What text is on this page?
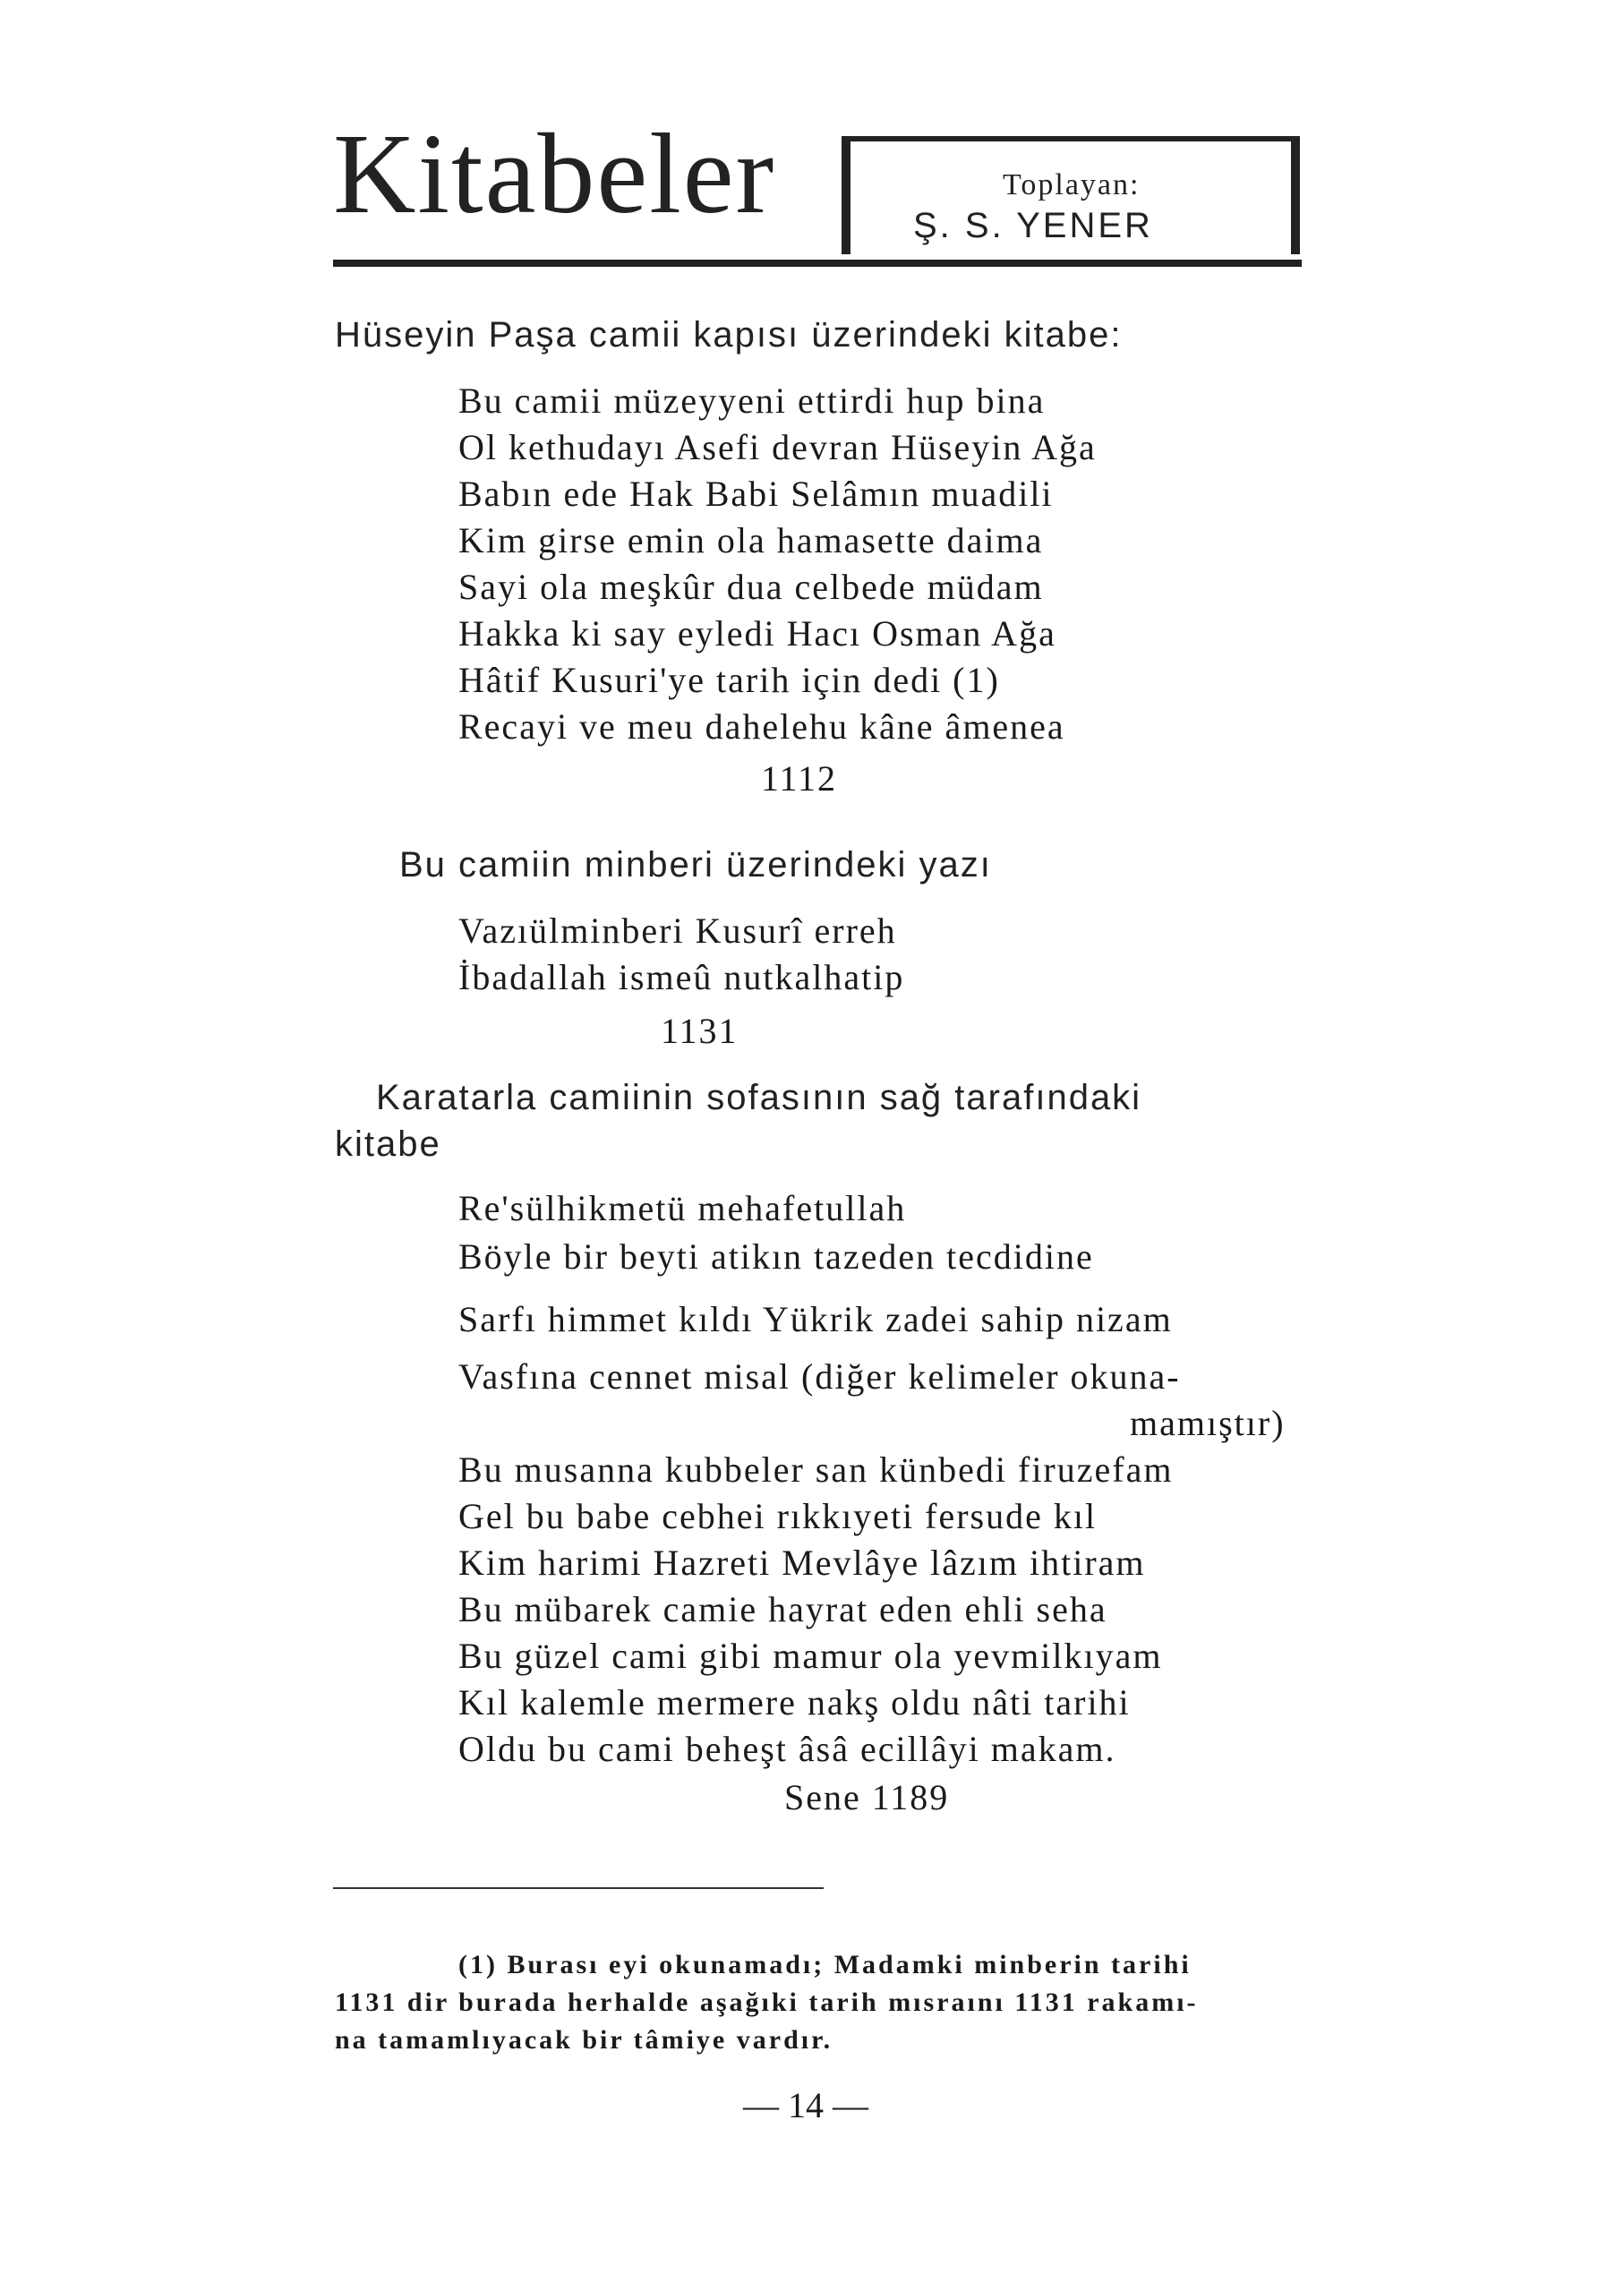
Kitabeler	Toplayan:
Ş. S. YENER
Hüseyin Paşa camii kapısı üzerindeki kitabe:
Bu camii müzeyyeni ettirdi hup bina
Ol kethudayı Asefi devran Hüseyin Ağa
Babın ede Hak Babi Selâmın muadili
Kim girse emin ola hamasette daima
Sayi ola meşkûr dua celbede müdam
Hakka ki say eyledi Hacı Osman Ağa
Hâtif Kusuri'ye tarih için dedi (1)
Recayi ve meu dahelehu kâne âmenea
1112
Bu camiin minberi üzerindeki yazı
Vazıülminberi Kusurî erreh
İbadallah ismeû nutkalhatip
1131
Karatarla camiinin sofasının sağ tarafındaki
kitabe
Re'sülhikmetü mehafetullah
Böyle bir beyti atikın tazeden tecdidine
Sarfı himmet kıldı Yükrik zadei sahip nizam
Vasfına cennet misal (diğer kelimeler okuna-
mamıştır)
Bu musanna kubbeler san künbedi firuzefam
Gel bu babe cebhei rıkkıyeti fersude kıl
Kim harimi Hazreti Mevlâye lâzım ihtiram
Bu mübarek camie hayrat eden ehli seha
Bu güzel cami gibi mamur ola yevmilkıyam
Kıl kalemle mermere nakş oldu nâti tarihi
Oldu bu cami beheşt âsâ ecillâyi makam.
Sene 1189
(1) Burası eyi okunamadı; Madamki minberin tarihi
1131 dir burada herhalde aşağıki tarih mısraını 1131 rakamı-
na tamamlıyacak bir tâmiye vardır.
— 14 —
